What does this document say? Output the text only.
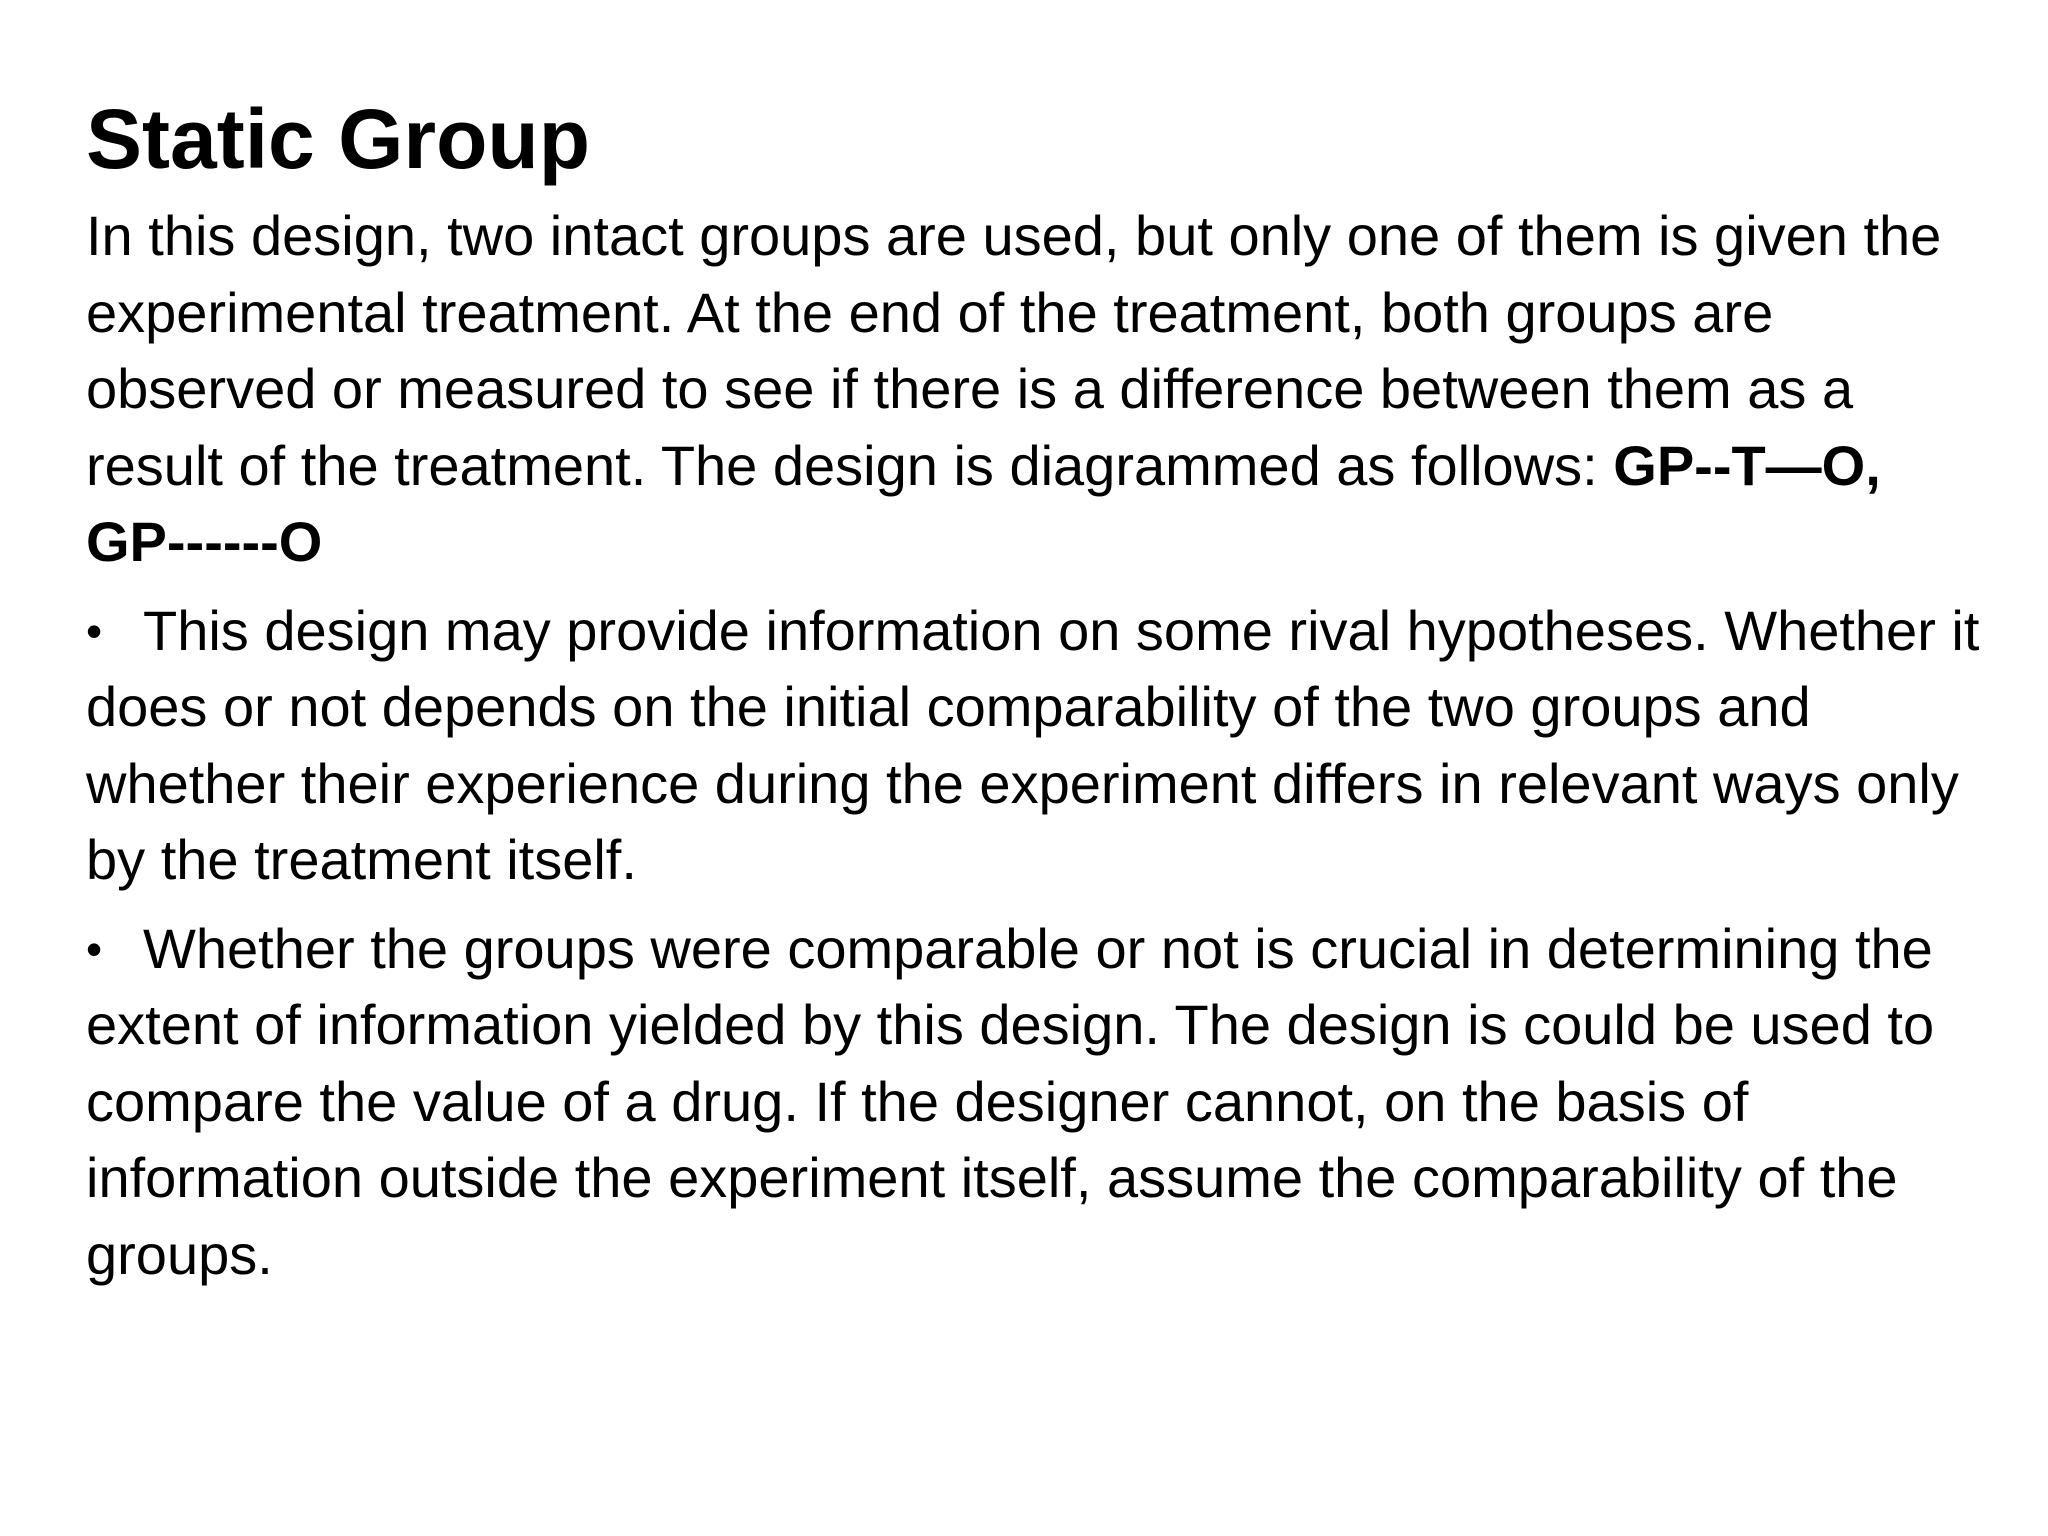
Static Group

In this design, two intact groups are used, but only one of them is given the experimental treatment. At the end of the treatment, both groups are observed or measured to see if there is a difference between them as a result of the treatment. The design is diagrammed as follows: GP--T—O, GP------O

• This design may provide information on some rival hypotheses. Whether it does or not depends on the initial comparability of the two groups and whether their experience during the experiment differs in relevant ways only by the treatment itself.

• Whether the groups were comparable or not is crucial in determining the extent of information yielded by this design. The design is could be used to compare the value of a drug. If the designer cannot, on the basis of information outside the experiment itself, assume the comparability of the groups.
